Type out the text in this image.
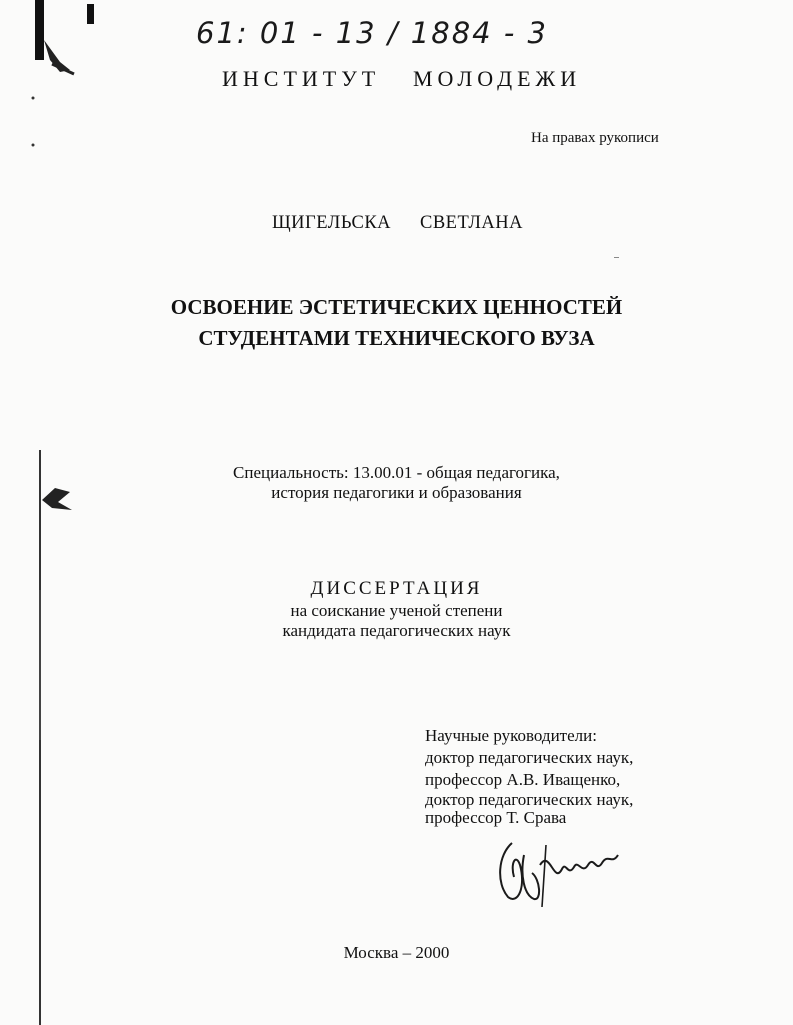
61: 01 - 13 / 1884 - 3
ИНСТИТУТ МОЛОДЕЖИ
На правах рукописи
ЩИГЕЛЬСКА СВЕТЛАНА
ОСВОЕНИЕ ЭСТЕТИЧЕСКИХ ЦЕННОСТЕЙ
СТУДЕНТАМИ ТЕХНИЧЕСКОГО ВУЗА
Специальность: 13.00.01 - общая педагогика,
история педагогики и образования
ДИССЕРТАЦИЯ
на соискание ученой степени
кандидата педагогических наук
Научные руководители:
доктор педагогических наук,
профессор А.В. Иващенко,
доктор педагогических наук,
профессор Т. Срава
Москва – 2000
